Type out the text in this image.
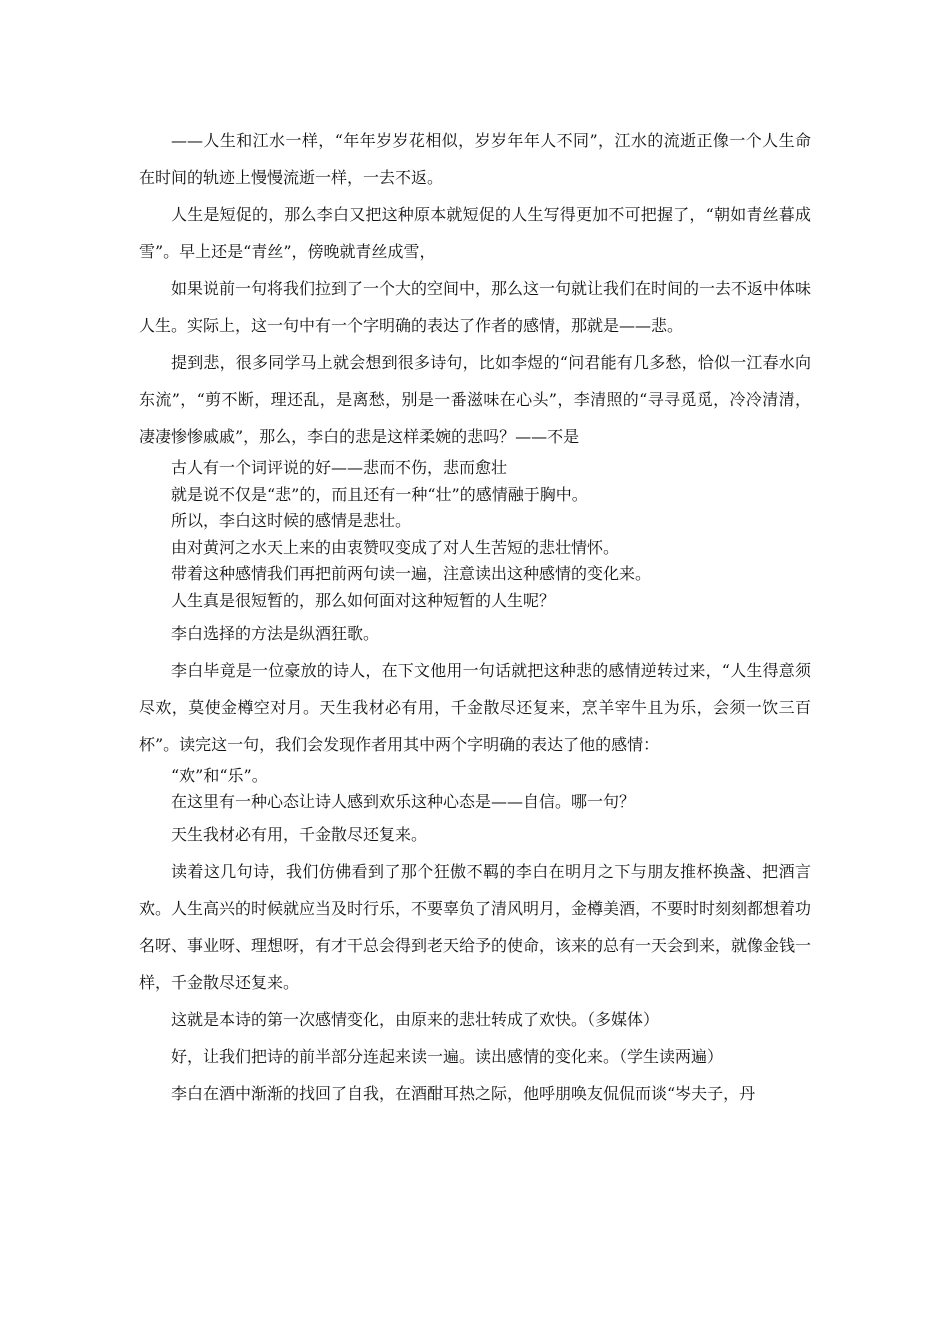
——人生和江水一样，“年年岁岁花相似，岁岁年年人不同”，江水的流逝正像一个人生命在时间的轨迹上慢慢流逝一样，一去不返。

人生是短促的，那么李白又把这种原本就短促的人生写得更加不可把握了，“朝如青丝暮成雪”。早上还是“青丝”，傍晚就青丝成雪，

如果说前一句将我们拉到了一个大的空间中，那么这一句就让我们在时间的一去不返中体味人生。实际上，这一句中有一个字明确的表达了作者的感情，那就是——悲。

提到悲，很多同学马上就会想到很多诗句，比如李煜的“问君能有几多愁，恰似一江春水向东流”，“剪不断，理还乱，是离愁，别是一番滋味在心头”，李清照的“寻寻觅觅，冷冷清清，凄凄惨惨戚戚”，那么，李白的悲是这样柔婉的悲吗？——不是

古人有一个词评说的好——悲而不伤，悲而愈壮

就是说不仅是“悲”的，而且还有一种“壮”的感情融于胸中。

所以，李白这时候的感情是悲壮。

由对黄河之水天上来的由衷赞叹变成了对人生苦短的悲壮情怀。

带着这种感情我们再把前两句读一遍，注意读出这种感情的变化来。

人生真是很短暂的，那么如何面对这种短暂的人生呢？

李白选择的方法是纵酒狂歌。

李白毕竟是一位豪放的诗人，在下文他用一句话就把这种悲的感情逆转过来，“人生得意须尽欢，莫使金樽空对月。天生我材必有用，千金散尽还复来，烹羊宰牛且为乐，会须一饮三百杯”。读完这一句，我们会发现作者用其中两个字明确的表达了他的感情：

“欢”和“乐”。

在这里有一种心态让诗人感到欢乐这种心态是——自信。哪一句？

天生我材必有用，千金散尽还复来。

读着这几句诗，我们仿佛看到了那个狂傲不羁的李白在明月之下与朋友推杯换盏、把酒言欢。人生高兴的时候就应当及时行乐，不要辜负了清风明月，金樽美酒，不要时时刻刻都想着功名呀、事业呀、理想呀，有才干总会得到老天给予的使命，该来的总有一天会到来，就像金钱一样，千金散尽还复来。

这就是本诗的第一次感情变化，由原来的悲壮转成了欢快。（多媒体）

好，让我们把诗的前半部分连起来读一遍。读出感情的变化来。（学生读两遍）

李白在酒中渐渐的找回了自我，在酒酣耳热之际，他呼朋唤友侃侃而谈“岑夫子，丹
